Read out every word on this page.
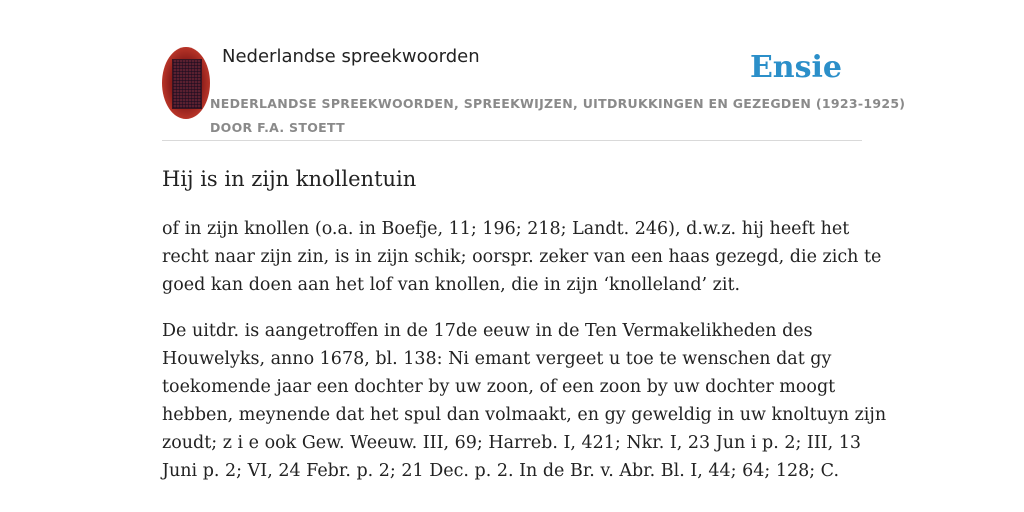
Nederlandse spreekwoorden	Ensie
NEDERLANDSE SPREEKWOORDEN, SPREEKWIJZEN, UITDRUKKINGEN EN GEZEGDEN (1923-1925)
DOOR F.A. STOETT
Hij is in zijn knollentuin

of in zijn knollen (o.a. in Boefje, 11; 196; 218; Landt. 246), d.w.z. hij heeft het
recht naar zijn zin, is in zijn schik; oorspr. zeker van een haas gezegd, die zich te
goed kan doen aan het lof van knollen, die in zijn ‘knolleland’ zit.

De uitdr. is aangetroffen in de 17de eeuw in de Ten Vermakelikheden des
Houwelyks, anno 1678, bl. 138: Ni emant vergeet u toe te wenschen dat gy
toekomende jaar een dochter by uw zoon, of een zoon by uw dochter moogt
hebben, meynende dat het spul dan volmaakt, en gy geweldig in uw knoltuyn zijn
zoudt; z i e ook Gew. Weeuw. III, 69; Harreb. I, 421; Nkr. I, 23 Jun i p. 2; III, 13
Juni p. 2; VI, 24 Febr. p. 2; 21 Dec. p. 2. In de Br. v. Abr. Bl. I, 44; 64; 128; C.
